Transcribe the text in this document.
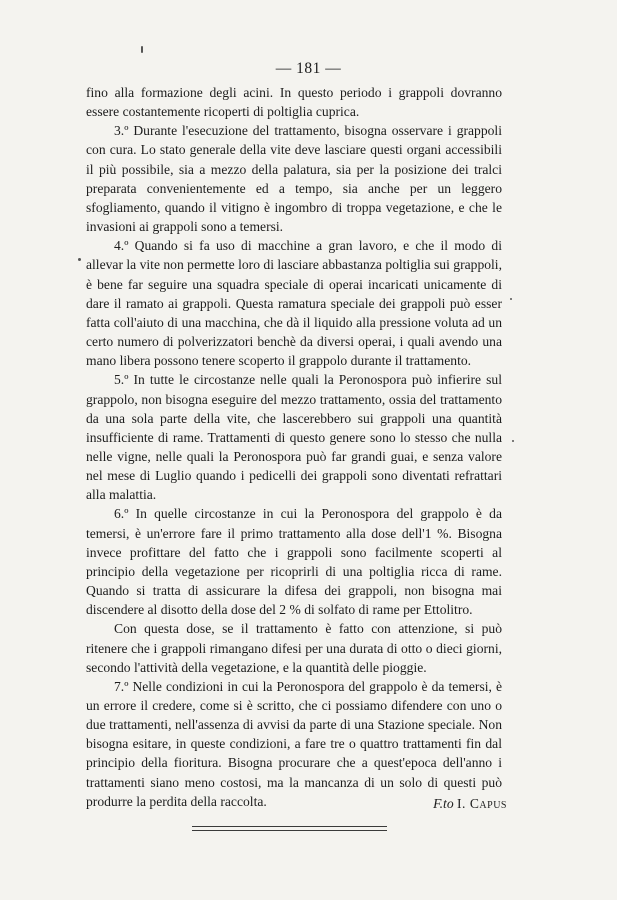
— 181 —

fino alla formazione degli acini. In questo periodo i grappoli dovranno essere costantemente ricoperti di poltiglia cuprica.

3.º Durante l'esecuzione del trattamento, bisogna osservare i grappoli con cura. Lo stato generale della vite deve lasciare questi organi accessibili il più possibile, sia a mezzo della palatura, sia per la posizione dei tralci preparata convenientemente ed a tempo, sia anche per un leggero sfogliamento, quando il vitigno è ingombro di troppa vegetazione, e che le invasioni ai grappoli sono a temersi.

4.º Quando si fa uso di macchine a gran lavoro, e che il modo di allevar la vite non permette loro di lasciare abbastanza poltiglia sui grappoli, è bene far seguire una squadra speciale di operai incaricati unicamente di dare il ramato ai grappoli. Questa ramatura speciale dei grappoli può esser fatta coll'aiuto di una macchina, che dà il liquido alla pressione voluta ad un certo numero di polverizzatori benchè da diversi operai, i quali avendo una mano libera possono tenere scoperto il grappolo durante il trattamento.

5.º In tutte le circostanze nelle quali la Peronospora può infierire sul grappolo, non bisogna eseguire del mezzo trattamento, ossia del trattamento da una sola parte della vite, che lascerebbero sui grappoli una quantità insufficiente di rame. Trattamenti di questo genere sono lo stesso che nulla nelle vigne, nelle quali la Peronospora può far grandi guai, e senza valore nel mese di Luglio quando i pedicelli dei grappoli sono diventati refrattari alla malattia.

6.º In quelle circostanze in cui la Peronospora del grappolo è da temersi, è un'errore fare il primo trattamento alla dose dell'1 %. Bisogna invece profittare del fatto che i grappoli sono facilmente scoperti al principio della vegetazione per ricoprirli di una poltiglia ricca di rame. Quando si tratta di assicurare la difesa dei grappoli, non bisogna mai discendere al disotto della dose del 2 % di solfato di rame per Ettolitro.

Con questa dose, se il trattamento è fatto con attenzione, si può ritenere che i grappoli rimangano difesi per una durata di otto o dieci giorni, secondo l'attività della vegetazione, e la quantità delle pioggie.

7.º Nelle condizioni in cui la Peronospora del grappolo è da temersi, è un errore il credere, come si è scritto, che ci possiamo difendere con uno o due trattamenti, nell'assenza di avvisi da parte di una Stazione speciale. Non bisogna esitare, in queste condizioni, a fare tre o quattro trattamenti fin dal principio della fioritura. Bisogna procurare che a quest'epoca dell'anno i trattamenti siano meno costosi, ma la mancanza di un solo di questi può produrre la perdita della raccolta.	F.to I. Capus
